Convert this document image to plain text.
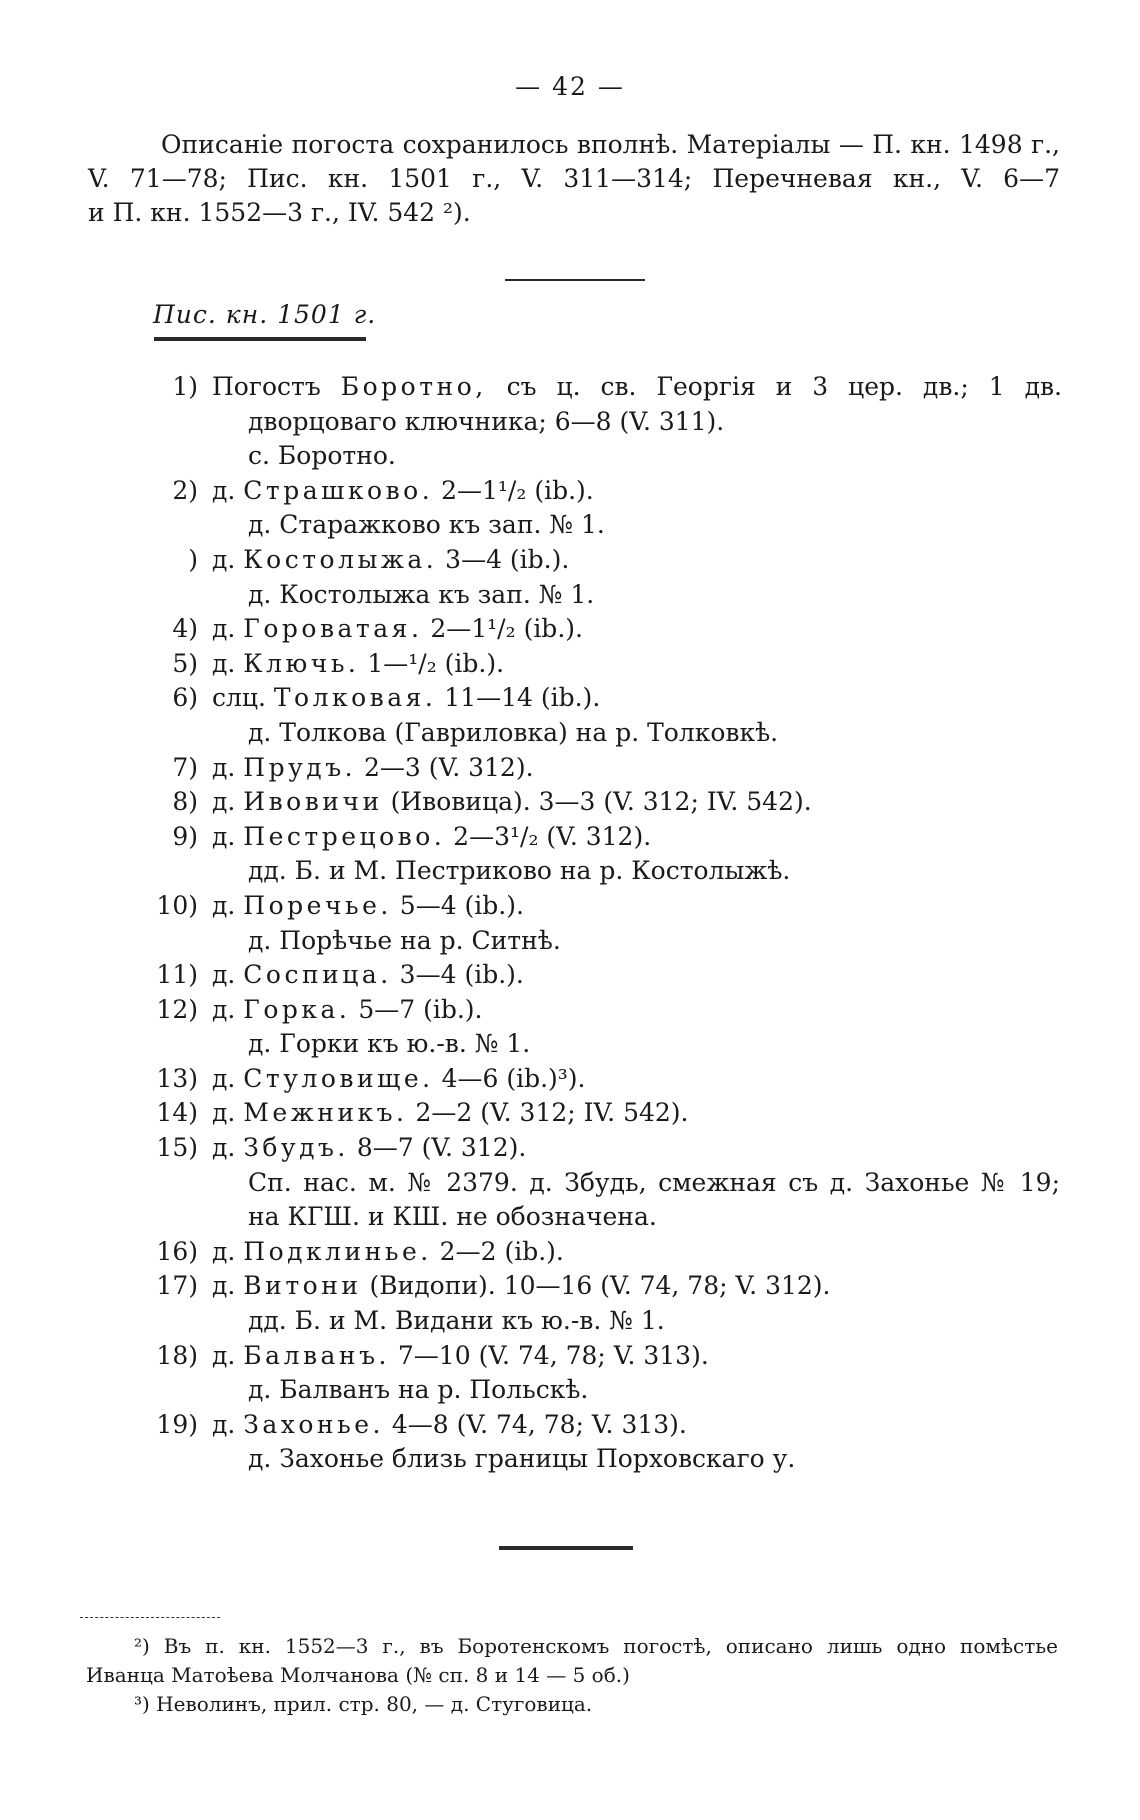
— 42 —
Описаніе погоста сохранилось вполнѣ. Матеріалы — П. кн. 1498 г.,
V. 71—78; Пис. кн. 1501 г., V. 311—314; Перечневая кн., V. 6—7
и П. кн. 1552—3 г., IV. 542 ²).
Пис. кн. 1501 г.
1) Погостъ Боротно, съ ц. св. Георгія и 3 цер. дв.; 1 дв.
дворцоваго ключника; 6—8 (V. 311).
с. Боротно.
2) д. Страшково. 2—1¹/₂ (ib.).
д. Старажково къ зап. № 1.
) д. Костолыжа. 3—4 (ib.).
д. Костолыжа къ зап. № 1.
4) д. Гороватая. 2—1¹/₂ (ib.).
5) д. Ключь. 1—¹/₂ (ib.).
6) слц. Толковая. 11—14 (ib.).
д. Толкова (Гавриловка) на р. Толковкѣ.
7) д. Прудъ. 2—3 (V. 312).
8) д. Ивовичи (Ивовица). 3—3 (V. 312; IV. 542).
9) д. Пестрецово. 2—3¹/₂ (V. 312).
дд. Б. и М. Пестриково на р. Костолыжѣ.
10) д. Поречье. 5—4 (ib.).
д. Порѣчье на р. Ситнѣ.
11) д. Соспица. 3—4 (ib.).
12) д. Горка. 5—7 (ib.).
д. Горки къ ю.-в. № 1.
13) д. Стуловище. 4—6 (ib.)³).
14) д. Межникъ. 2—2 (V. 312; IV. 542).
15) д. Збудъ. 8—7 (V. 312).
Сп. нас. м. № 2379. д. Збудь, смежная съ д. Захонье № 19;
на КГШ. и КШ. не обозначена.
16) д. Подклинье. 2—2 (ib.).
17) д. Витони (Видопи). 10—16 (V. 74, 78; V. 312).
дд. Б. и М. Видани къ ю.-в. № 1.
18) д. Балванъ. 7—10 (V. 74, 78; V. 313).
д. Балванъ на р. Польскѣ.
19) д. Захонье. 4—8 (V. 74, 78; V. 313).
д. Захонье близь границы Порховскаго у.
²) Въ п. кн. 1552—3 г., въ Боротенскомъ погостѣ, описано лишь одно помѣстье
Иванца Матоѣева Молчанова (№ сп. 8 и 14 — 5 об.)
³) Неволинъ, прил. стр. 80, — д. Стуговица.
